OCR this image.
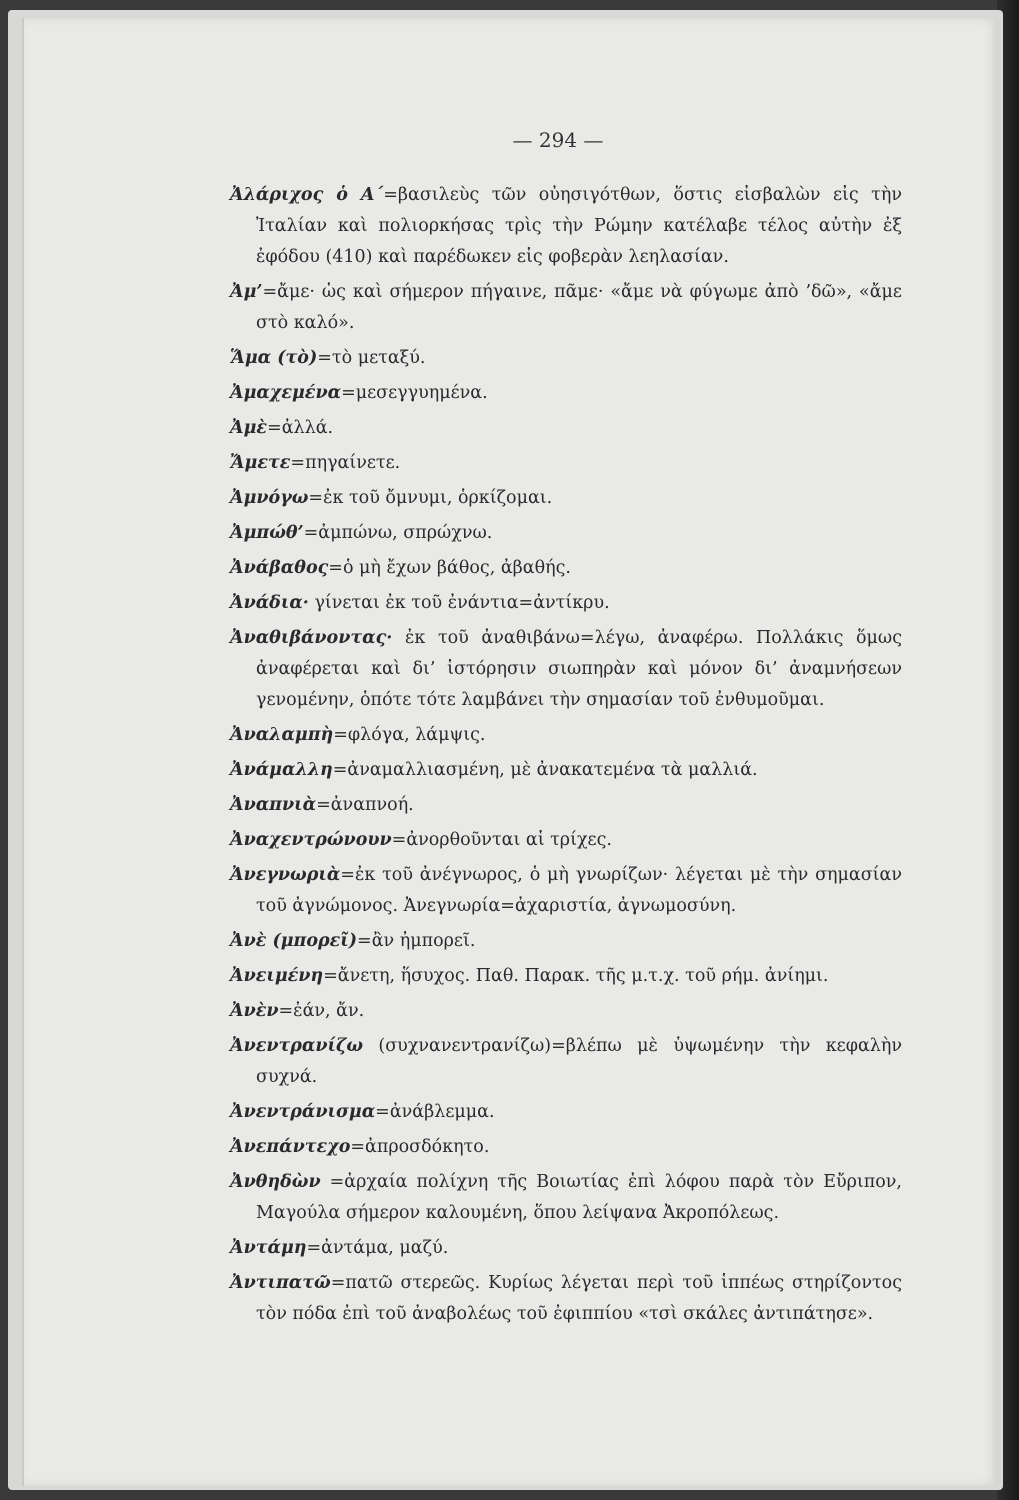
— 294 —

Ἀλάριχος ὁ Α΄=βασιλεὺς τῶν οὐησιγότθων, ὅστις εἰσβαλὼν εἰς τὴν Ἰταλίαν καὶ πολιορκήσας τρὶς τὴν Ρώμην κατέλαβε τέλος αὐτὴν ἐξ ἐφόδου (410) καὶ παρέδωκεν εἰς φοβερὰν λεηλασίαν.

Ἀμ’=ἄμε· ὡς καὶ σήμερον πήγαινε, πᾶμε· «ἄμε νὰ φύγωμε ἀπὸ ’δῶ», «ἄμε στὸ καλό».

Ἅμα (τὸ)=τὸ μεταξύ.

Ἀμαχεμένα=μεσεγγυημένα.

Ἀμὲ=ἀλλά.

Ἄμετε=πηγαίνετε.

Ἀμνόγω=ἐκ τοῦ ὄμνυμι, ὁρκίζομαι.

Ἀμπώθ’=ἀμπώνω, σπρώχνω.

Ἀνάβαθος=ὁ μὴ ἔχων βάθος, ἀβαθής.

Ἀνάδια· γίνεται ἐκ τοῦ ἐνάντια=ἀντίκρυ.

Ἀναθιβάνοντας· ἐκ τοῦ ἀναθιβάνω=λέγω, ἀναφέρω. Πολλάκις ὅμως ἀναφέρεται καὶ δι’ ἱστόρησιν σιωπηρὰν καὶ μόνον δι’ ἀναμνήσεων γενομένην, ὁπότε τότε λαμβάνει τὴν σημασίαν τοῦ ἐνθυμοῦμαι.

Ἀναλαμπὴ=φλόγα, λάμψις.

Ἀνάμαλλη=ἀναμαλλιασμένη, μὲ ἀνακατεμένα τὰ μαλλιά.

Ἀναπνιὰ=ἀναπνοή.

Ἀναχεντρώνουν=ἀνορθοῦνται αἱ τρίχες.

Ἀνεγνωριὰ=ἐκ τοῦ ἀνέγνωρος, ὁ μὴ γνωρίζων· λέγεται μὲ τὴν σημασίαν τοῦ ἀγνώμονος. Ἀνεγνωρία=ἀχαριστία, ἀγνωμοσύνη.

Ἀνὲ (μπορεῖ)=ἂν ἠμπορεῖ.

Ἀνειμένη=ἄνετη, ἥσυχος. Παθ. Παρακ. τῆς μ.τ.χ. τοῦ ρήμ. ἀνίημι.

Ἀνὲν=ἐάν, ἄν.

Ἀνεντρανίζω (συχνανεντρανίζω)=βλέπω μὲ ὑψωμένην τὴν κεφαλὴν συχνά.

Ἀνεντράνισμα=ἀνάβλεμμα.

Ἀνεπάντεχο=ἀπροσδόκητο.

Ἀνθηδὼν =ἀρχαία πολίχνη τῆς Βοιωτίας ἐπὶ λόφου παρὰ τὸν Εὔριπον, Μαγούλα σήμερον καλουμένη, ὅπου λείψανα Ἀκροπόλεως.

Ἀντάμη=ἀντάμα, μαζύ.

Ἀντιπατῶ=πατῶ στερεῶς. Κυρίως λέγεται περὶ τοῦ ἱππέως στηρίζοντος τὸν πόδα ἐπὶ τοῦ ἀναβολέως τοῦ ἐφιππίου «τσὶ σκάλες ἀντιπάτησε».
